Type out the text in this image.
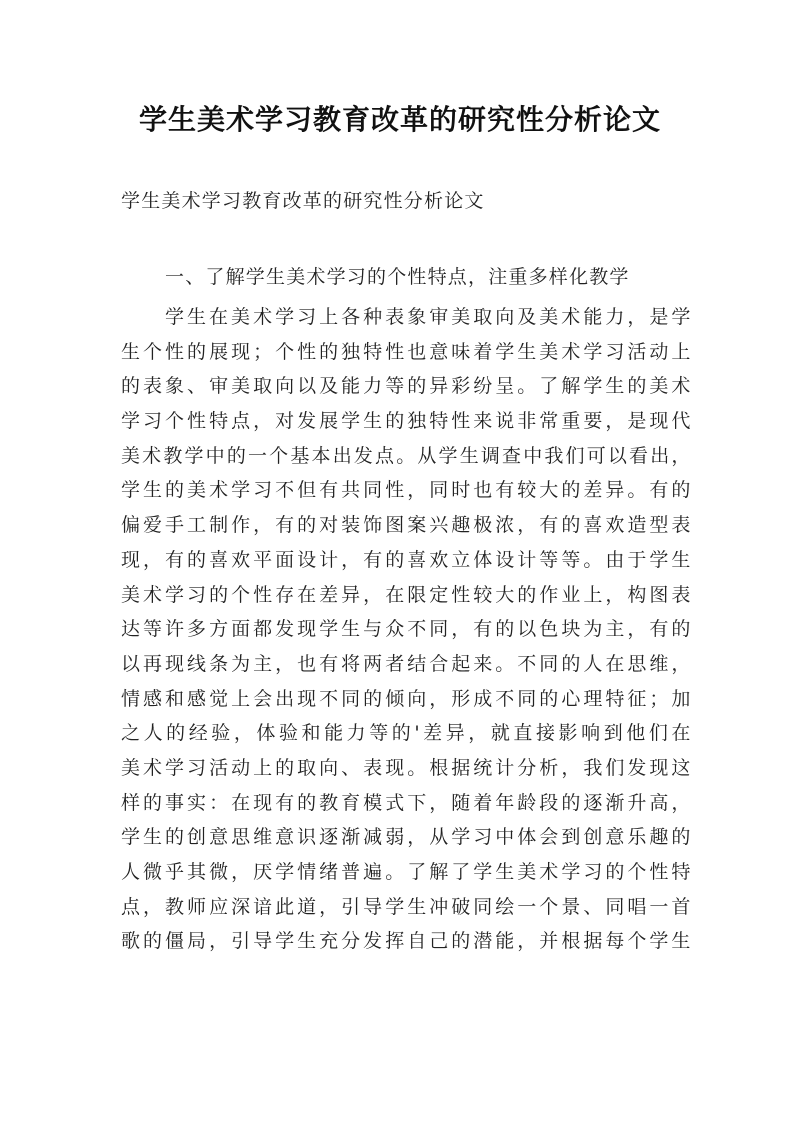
学生美术学习教育改革的研究性分析论文

学生美术学习教育改革的研究性分析论文

一、了解学生美术学习的个性特点，注重多样化教学

学生在美术学习上各种表象审美取向及美术能力，是学
生个性的展现；个性的独特性也意味着学生美术学习活动上
的表象、审美取向以及能力等的异彩纷呈。了解学生的美术
学习个性特点，对发展学生的独特性来说非常重要，是现代
美术教学中的一个基本出发点。从学生调查中我们可以看出，
学生的美术学习不但有共同性，同时也有较大的差异。有的
偏爱手工制作，有的对装饰图案兴趣极浓，有的喜欢造型表
现，有的喜欢平面设计，有的喜欢立体设计等等。由于学生
美术学习的个性存在差异，在限定性较大的作业上，构图表
达等许多方面都发现学生与众不同，有的以色块为主，有的
以再现线条为主，也有将两者结合起来。不同的人在思维，
情感和感觉上会出现不同的倾向，形成不同的心理特征；加
之人的经验，体验和能力等的'差异，就直接影响到他们在
美术学习活动上的取向、表现。根据统计分析，我们发现这
样的事实：在现有的教育模式下，随着年龄段的逐渐升高，
学生的创意思维意识逐渐减弱，从学习中体会到创意乐趣的
人微乎其微，厌学情绪普遍。了解了学生美术学习的个性特
点，教师应深谙此道，引导学生冲破同绘一个景、同唱一首
歌的僵局，引导学生充分发挥自己的潜能，并根据每个学生
